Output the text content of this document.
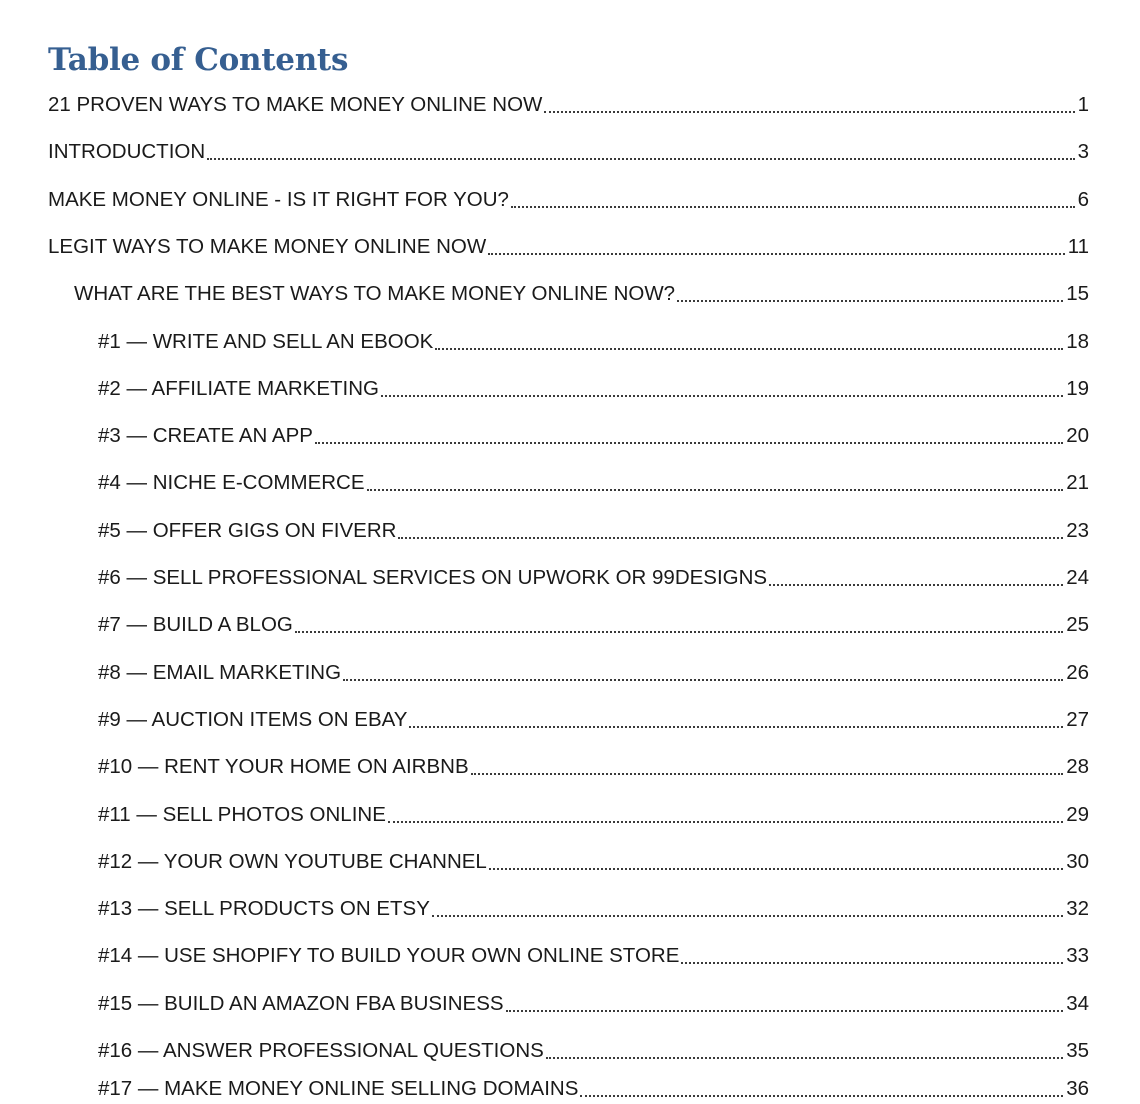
Table of Contents
21 PROVEN WAYS TO MAKE MONEY ONLINE NOW	1
INTRODUCTION	3
MAKE MONEY ONLINE - IS IT RIGHT FOR YOU?	6
LEGIT WAYS TO MAKE MONEY ONLINE NOW	11
WHAT ARE THE BEST WAYS TO MAKE MONEY ONLINE NOW?	15
#1 — WRITE AND SELL AN EBOOK	18
#2 — AFFILIATE MARKETING	19
#3 — CREATE AN APP	20
#4 — NICHE E-COMMERCE	21
#5 — OFFER GIGS ON FIVERR	23
#6 — SELL PROFESSIONAL SERVICES ON UPWORK OR 99DESIGNS	24
#7 — BUILD A BLOG	25
#8 — EMAIL MARKETING	26
#9 — AUCTION ITEMS ON EBAY	27
#10 — RENT YOUR HOME ON AIRBNB	28
#11 — SELL PHOTOS ONLINE	29
#12 — YOUR OWN YOUTUBE CHANNEL	30
#13 — SELL PRODUCTS ON ETSY	32
#14 — USE SHOPIFY TO BUILD YOUR OWN ONLINE STORE	33
#15 — BUILD AN AMAZON FBA BUSINESS	34
#16 — ANSWER PROFESSIONAL QUESTIONS	35
#17 — MAKE MONEY ONLINE SELLING DOMAINS	36
